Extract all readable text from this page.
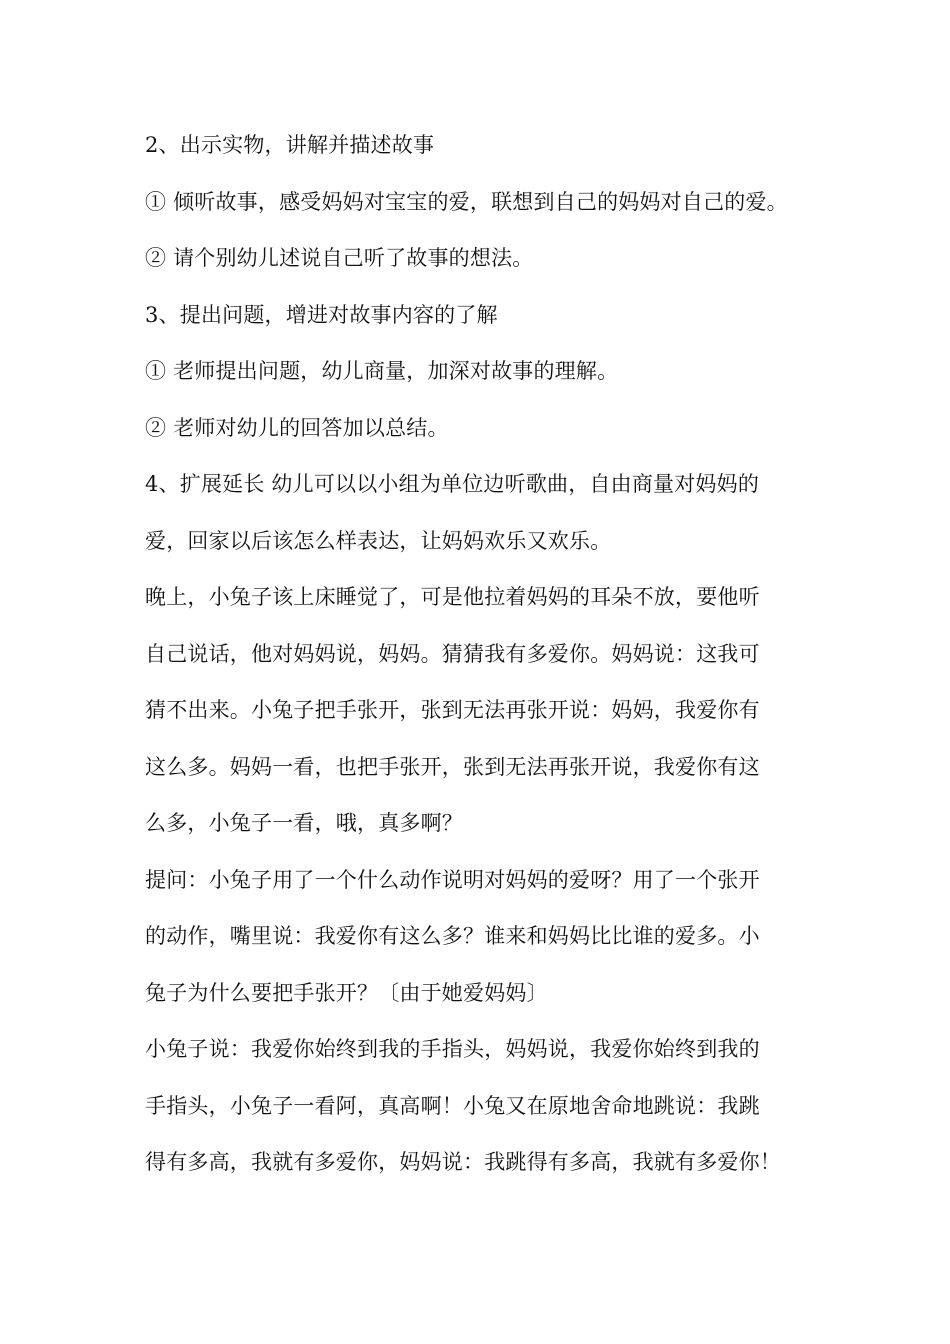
2、出示实物，讲解并描述故事
① 倾听故事，感受妈妈对宝宝的爱，联想到自己的妈妈对自己的爱。
② 请个别幼儿述说自己听了故事的想法。
3、提出问题，增进对故事内容的了解
① 老师提出问题，幼儿商量，加深对故事的理解。
② 老师对幼儿的回答加以总结。
4、扩展延长 幼儿可以以小组为单位边听歌曲，自由商量对妈妈的
爱，回家以后该怎么样表达，让妈妈欢乐又欢乐。
晚上，小兔子该上床睡觉了，可是他拉着妈妈的耳朵不放，要他听
自己说话，他对妈妈说，妈妈。猜猜我有多爱你。妈妈说：这我可
猜不出来。小兔子把手张开，张到无法再张开说：妈妈，我爱你有
这么多。妈妈一看，也把手张开，张到无法再张开说，我爱你有这
么多，小兔子一看，哦，真多啊？
提问：小兔子用了一个什么动作说明对妈妈的爱呀？用了一个张开
的动作，嘴里说：我爱你有这么多？谁来和妈妈比比谁的爱多。小
兔子为什么要把手张开？〔由于她爱妈妈〕
小兔子说：我爱你始终到我的手指头，妈妈说，我爱你始终到我的
手指头，小兔子一看阿，真高啊！小兔又在原地舍命地跳说：我跳
得有多高，我就有多爱你，妈妈说：我跳得有多高，我就有多爱你！
